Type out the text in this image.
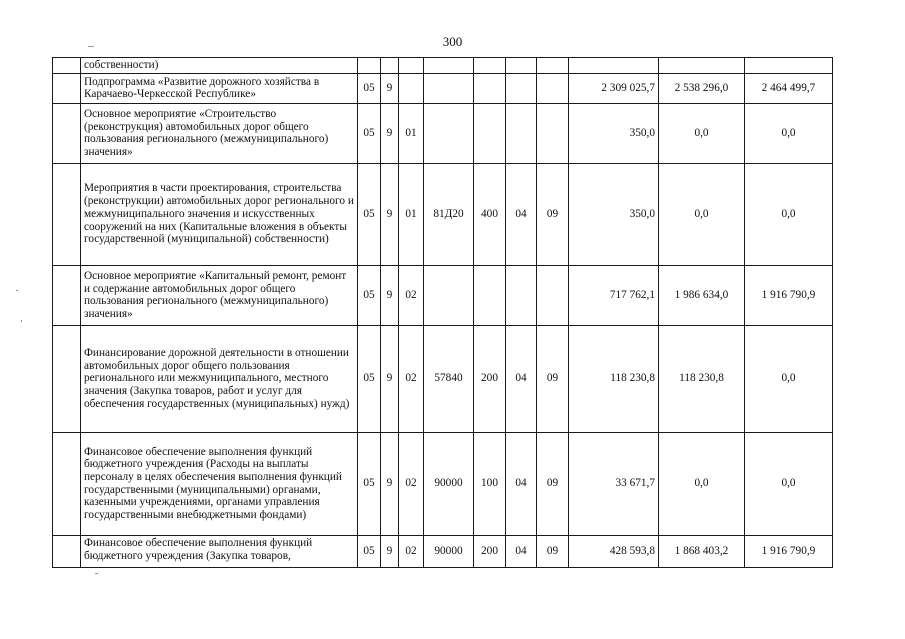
300
	собственности)										
	Подпрограмма «Развитие дорожного хозяйства в Карачаево-Черкесской Республике»	05	9						2 309 025,7	2 538 296,0	2 464 499,7
	Основное мероприятие «Строительство (реконструкция) автомобильных дорог общего пользования регионального (межмуниципального) значения»	05	9	01					350,0	0,0	0,0
	Мероприятия в части проектирования, строительства (реконструкции) автомобильных дорог регионального и межмуниципального значения и искусственных сооружений на них (Капитальные вложения в объекты государственной (муниципальной) собственности)	05	9	01	81Д20	400	04	09	350,0	0,0	0,0
	Основное мероприятие «Капитальный ремонт, ремонт и содержание автомобильных дорог общего пользования регионального (межмуниципального) значения»	05	9	02					717 762,1	1 986 634,0	1 916 790,9
	Финансирование дорожной деятельности в отношении автомобильных дорог общего пользования регионального или межмуниципального, местного значения (Закупка товаров, работ и услуг для обеспечения государственных (муниципальных) нужд)	05	9	02	57840	200	04	09	118 230,8	118 230,8	0,0
	Финансовое обеспечение выполнения функций бюджетного учреждения (Расходы на выплаты персоналу в целях обеспечения выполнения функций государственными (муниципальными) органами, казенными учреждениями, органами управления государственными внебюджетными фондами)	05	9	02	90000	100	04	09	33 671,7	0,0	0,0
	Финансовое обеспечение выполнения функций бюджетного учреждения (Закупка товаров,	05	9	02	90000	200	04	09	428 593,8	1 868 403,2	1 916 790,9
